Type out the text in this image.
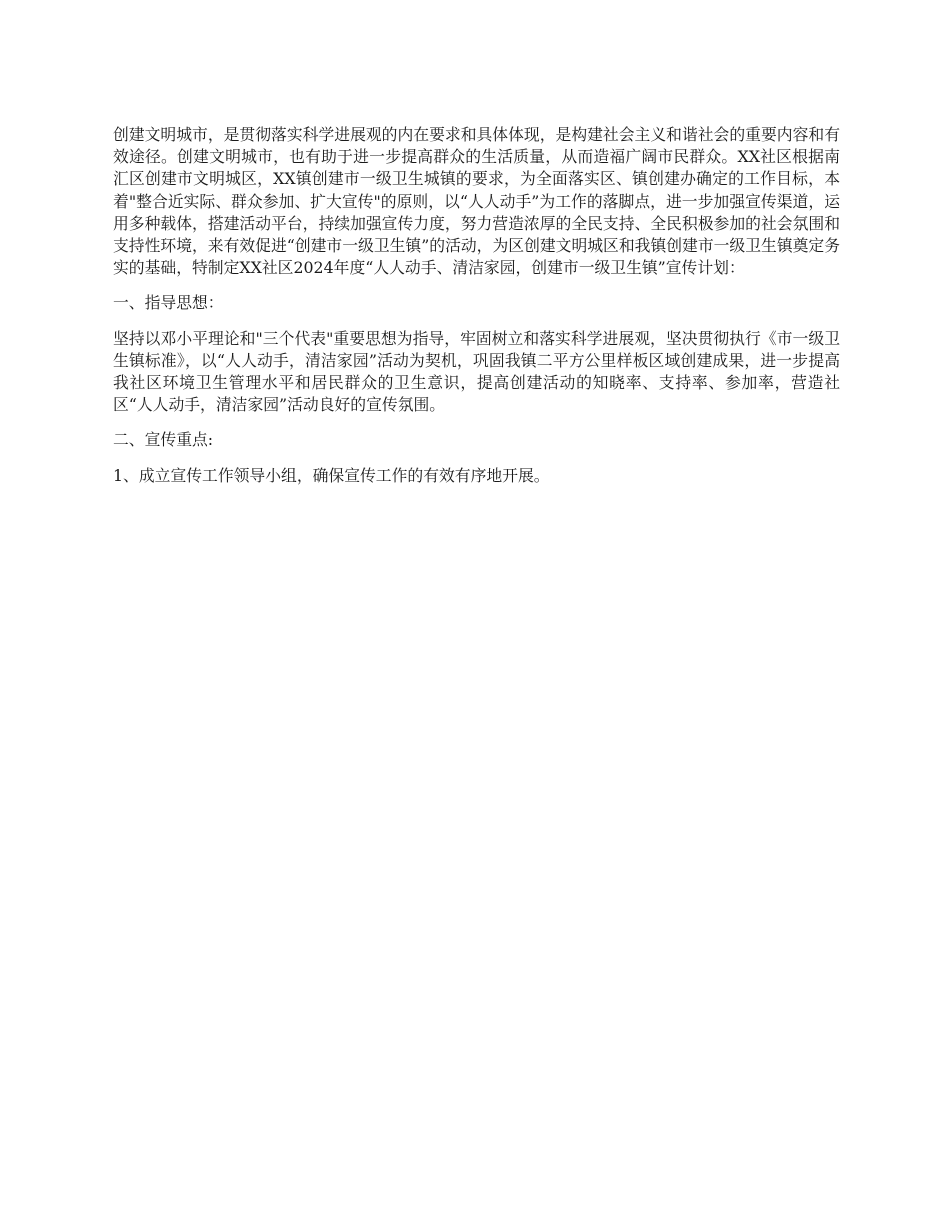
创建文明城市，是贯彻落实科学进展观的内在要求和具体体现，是构建社会主义和谐社会的重要内容和有效途径。创建文明城市，也有助于进一步提高群众的生活质量，从而造福广阔市民群众。XX社区根据南汇区创建市文明城区，XX镇创建市一级卫生城镇的要求，为全面落实区、镇创建办确定的工作目标，本着"整合近实际、群众参加、扩大宣传"的原则，以“人人动手”为工作的落脚点，进一步加强宣传渠道，运用多种载体，搭建活动平台，持续加强宣传力度，努力营造浓厚的全民支持、全民积极参加的社会氛围和支持性环境，来有效促进“创建市一级卫生镇”的活动，为区创建文明城区和我镇创建市一级卫生镇奠定务实的基础，特制定XX社区2024年度“人人动手、清洁家园，创建市一级卫生镇”宣传计划：

一、指导思想：

坚持以邓小平理论和"三个代表"重要思想为指导，牢固树立和落实科学进展观，坚决贯彻执行《市一级卫生镇标准》，以“人人动手，清洁家园”活动为契机，巩固我镇二平方公里样板区域创建成果，进一步提高我社区环境卫生管理水平和居民群众的卫生意识，提高创建活动的知晓率、支持率、参加率，营造社区“人人动手，清洁家园”活动良好的宣传氛围。

二、宣传重点:

1、成立宣传工作领导小组，确保宣传工作的有效有序地开展。
